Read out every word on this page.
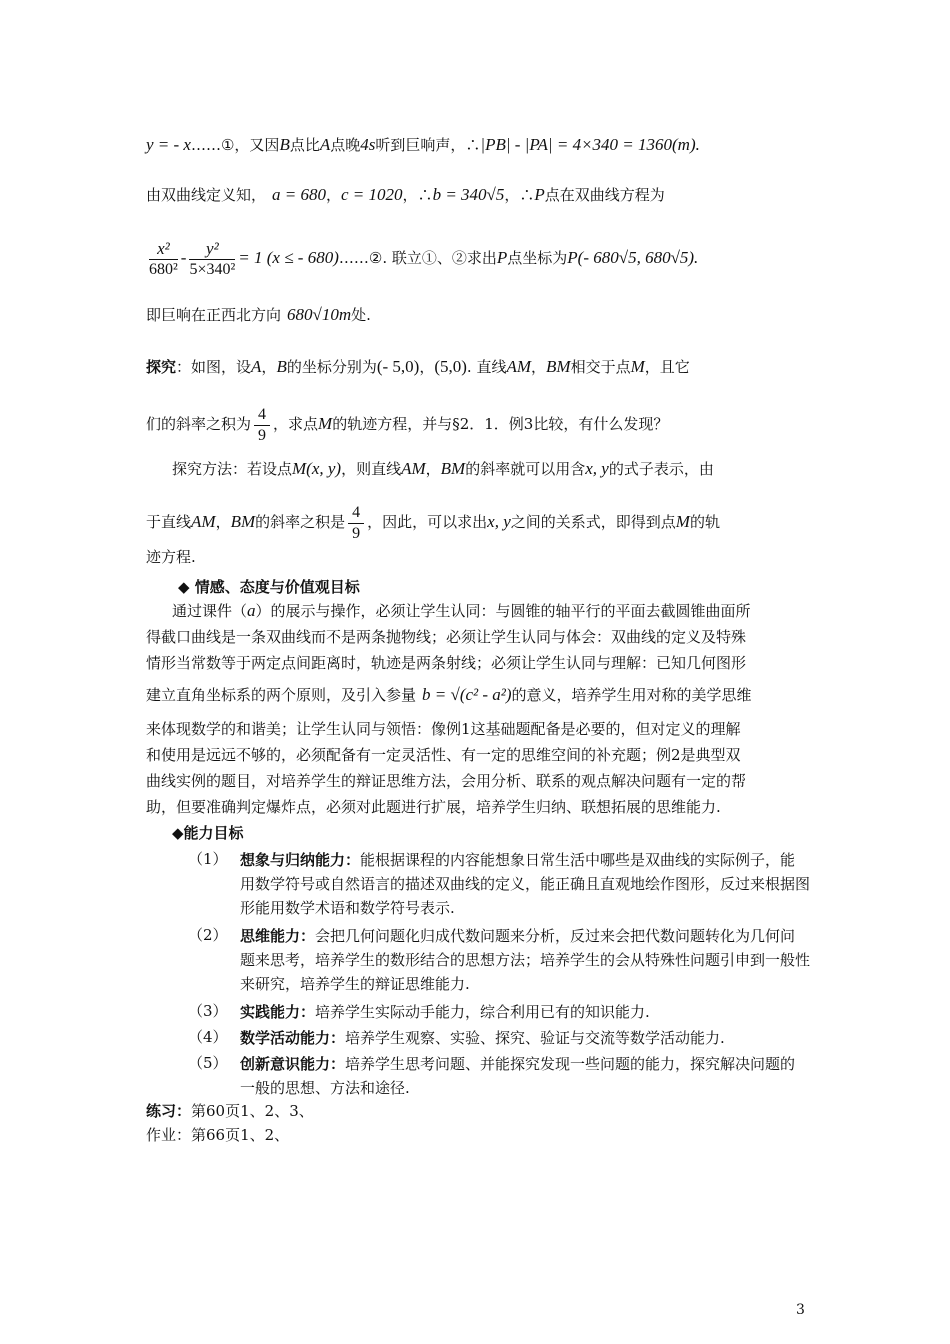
y = - x……①，又因B点比A点晚4s听到巨响声，∴|PB| - |PA| = 4×340 = 1360(m).
由双曲线定义知， a = 680，c = 1020，∴b = 340√5，∴P点在双曲线方程为
$\frac{\text{x²}}{\text{680²}} - \frac{\text{y²}}{\text{5×340²}} = 1$ (x ≤ - 680)……②. 联立①、②求出P点坐标为P(- 680√5, 680√5).
即巨响在正西北方向 680√10m处.
探究：如图，设A，B的坐标分别为(- 5,0)，(5,0). 直线AM，BM相交于点M，且它
们的斜率之积为 $\frac{4}{9}$ ，求点M的轨迹方程，并与§2．1．例3比较，有什么发现？
探究方法：若设点M(x, y)，则直线AM，BM的斜率就可以用含x, y的式子表示，由
于直线AM，BM的斜率之积是 $\frac{4}{9}$ ，因此，可以求出x, y之间的关系式，即得到点M的轨
迹方程.
◆ 情感、态度与价值观目标
通过课件（a）的展示与操作，必须让学生认同：与圆锥的轴平行的平面去截圆锥曲面所
得截口曲线是一条双曲线而不是两条抛物线；必须让学生认同与体会：双曲线的定义及特殊
情形当常数等于两定点间距离时，轨迹是两条射线；必须让学生认同与理解：已知几何图形
建立直角坐标系的两个原则，及引入参量 b = √(c² - a²)的意义，培养学生用对称的美学思维
来体现数学的和谐美；让学生认同与领悟：像例1这基础题配备是必要的，但对定义的理解
和使用是远远不够的，必须配备有一定灵活性、有一定的思维空间的补充题；例2是典型双
曲线实例的题目，对培养学生的辩证思维方法，会用分析、联系的观点解决问题有一定的帮
助，但要准确判定爆炸点，必须对此题进行扩展，培养学生归纳、联想拓展的思维能力.
◆能力目标
（1） 想象与归纳能力：能根据课程的内容能想象日常生活中哪些是双曲线的实际例子，能用数学符号或自然语言的描述双曲线的定义，能正确且直观地绘作图形，反过来根据图形能用数学术语和数学符号表示.
（2） 思维能力：会把几何问题化归成代数问题来分析，反过来会把代数问题转化为几何问题来思考，培养学生的数形结合的思想方法；培养学生的会从特殊性问题引申到一般性来研究，培养学生的辩证思维能力.
（3） 实践能力：培养学生实际动手能力，综合利用已有的知识能力.
（4） 数学活动能力：培养学生观察、实验、探究、验证与交流等数学活动能力.
（5） 创新意识能力：培养学生思考问题、并能探究发现一些问题的能力，探究解决问题的一般的思想、方法和途径.
练习：第60页1、2、3、
作业：第66页1、2、
3
